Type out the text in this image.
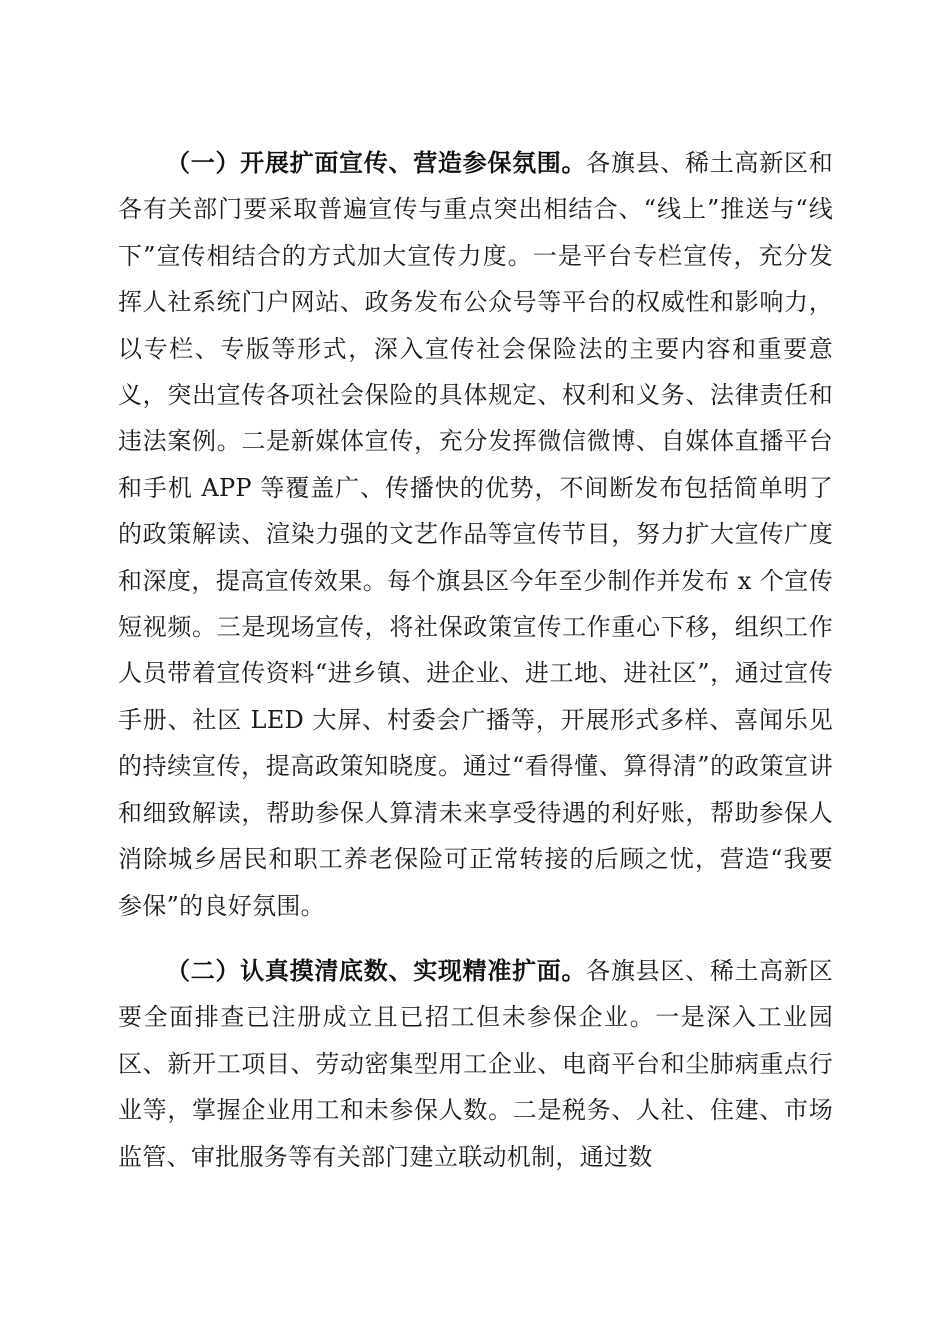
（一）开展扩面宣传、营造参保氛围。各旗县、稀土高新区和各有关部门要采取普遍宣传与重点突出相结合、“线上”推送与“线下”宣传相结合的方式加大宣传力度。一是平台专栏宣传，充分发挥人社系统门户网站、政务发布公众号等平台的权威性和影响力，以专栏、专版等形式，深入宣传社会保险法的主要内容和重要意义，突出宣传各项社会保险的具体规定、权利和义务、法律责任和违法案例。二是新媒体宣传，充分发挥微信微博、自媒体直播平台和手机 APP 等覆盖广、传播快的优势，不间断发布包括简单明了的政策解读、渲染力强的文艺作品等宣传节目，努力扩大宣传广度和深度，提高宣传效果。每个旗县区今年至少制作并发布 x 个宣传短视频。三是现场宣传，将社保政策宣传工作重心下移，组织工作人员带着宣传资料“进乡镇、进企业、进工地、进社区”，通过宣传手册、社区 LED 大屏、村委会广播等，开展形式多样、喜闻乐见的持续宣传，提高政策知晓度。通过“看得懂、算得清”的政策宣讲和细致解读，帮助参保人算清未来享受待遇的利好账，帮助参保人消除城乡居民和职工养老保险可正常转接的后顾之忧，营造“我要参保”的良好氛围。

（二）认真摸清底数、实现精准扩面。各旗县区、稀土高新区要全面排查已注册成立且已招工但未参保企业。一是深入工业园区、新开工项目、劳动密集型用工企业、电商平台和尘肺病重点行业等，掌握企业用工和未参保人数。二是税务、人社、住建、市场监管、审批服务等有关部门建立联动机制，通过数
